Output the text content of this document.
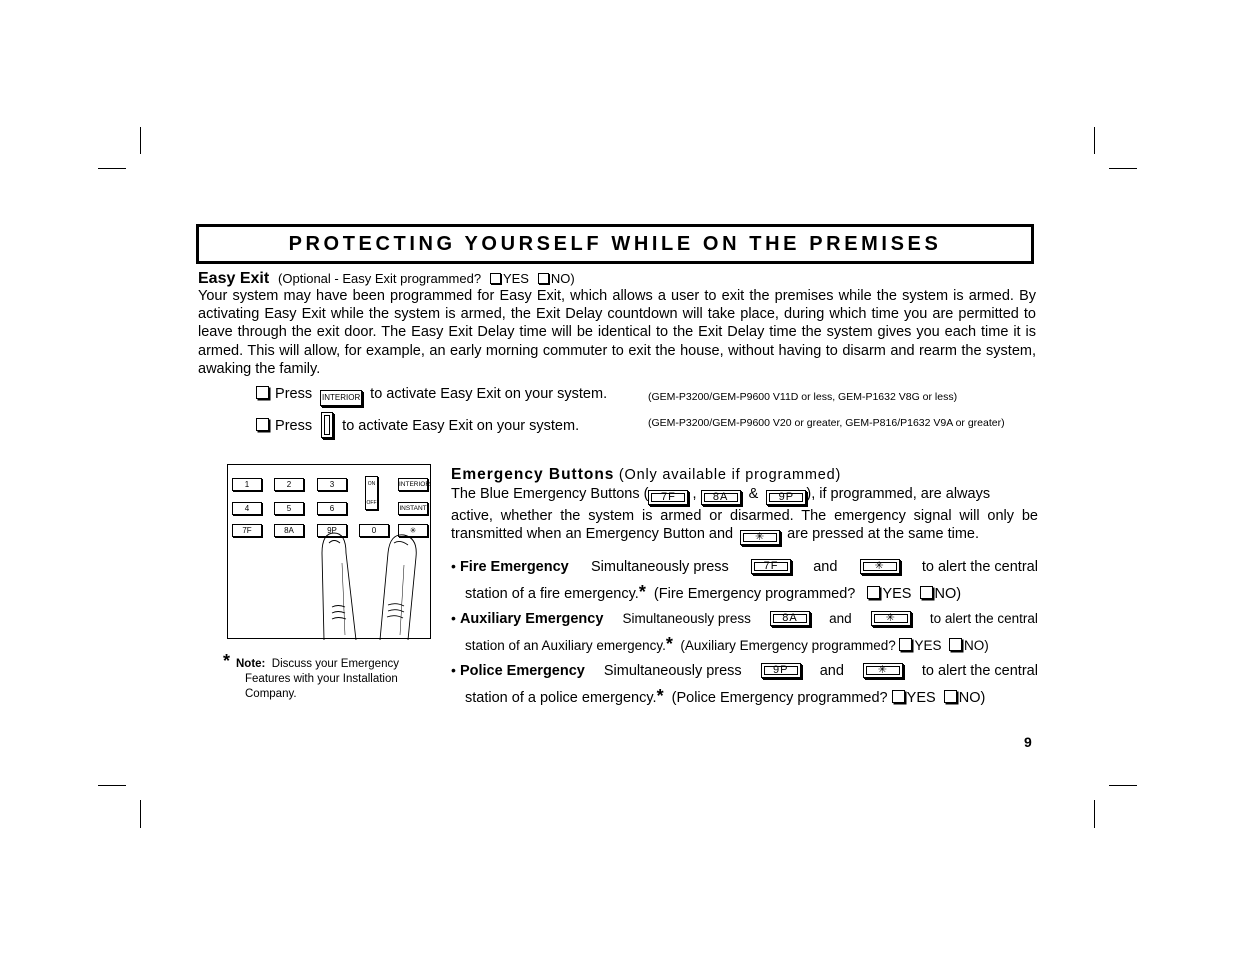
PROTECTING YOURSELF WHILE ON THE PREMISES
Easy Exit (Optional - Easy Exit programmed? YES NO)
Your system may have been programmed for Easy Exit, which allows a user to exit the premises while the system is armed. By activating Easy Exit while the system is armed, the Exit Delay countdown will take place, during which time you are permitted to leave through the exit door. The Easy Exit Delay time will be identical to the Exit Delay time the system gives you each time it is armed. This will allow, for example, an early morning commuter to exit the house, without having to disarm and rearm the system, awaking the family.
Press INTERIOR to activate Easy Exit on your system.	(GEM-P3200/GEM-P9600 V11D or less, GEM-P1632 V8G or less)
Press to activate Easy Exit on your system.	(GEM-P3200/GEM-P9600 V20 or greater, GEM-P816/P1632 V9A or greater)
1	2	3
4	5	6
7F	8A	9P	0	✳
INTERIOR
INSTANT
ON
OFF
* Note: Discuss your Emergency
Features with your Installation
Company.
Emergency Buttons (Only available if programmed)
The Blue Emergency Buttons ( 7F , 8A & 9P ), if programmed, are always
active, whether the system is armed or disarmed. The emergency signal will only be
transmitted when an Emergency Button and ✳ are pressed at the same time.
• Fire Emergency Simultaneously press	7F	and	✳	to alert the central
station of a fire emergency.* (Fire Emergency programmed? YES NO)
• Auxiliary Emergency Simultaneously press	8A	and	✳	to alert the central
station of an Auxiliary emergency.* (Auxiliary Emergency programmed? YES NO)
• Police Emergency Simultaneously press	9P	and	✳	to alert the central
station of a police emergency.* (Police Emergency programmed? YES NO)
9
